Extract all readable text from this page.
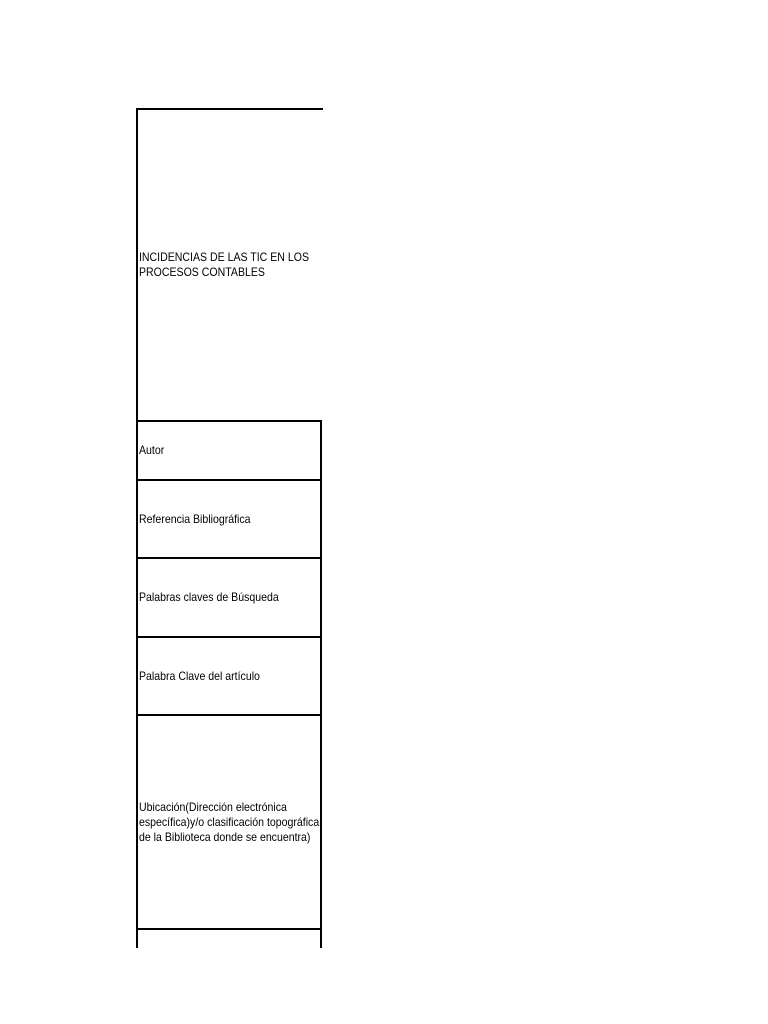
INCIDENCIAS DE LAS TIC EN LOS PROCESOS CONTABLES
Autor
Referencia Bibliográfica
Palabras claves de Búsqueda
Palabra Clave del artículo
Ubicación(Dirección electrónica específica)y/o clasificación topográfica de la Biblioteca donde se encuentra)
